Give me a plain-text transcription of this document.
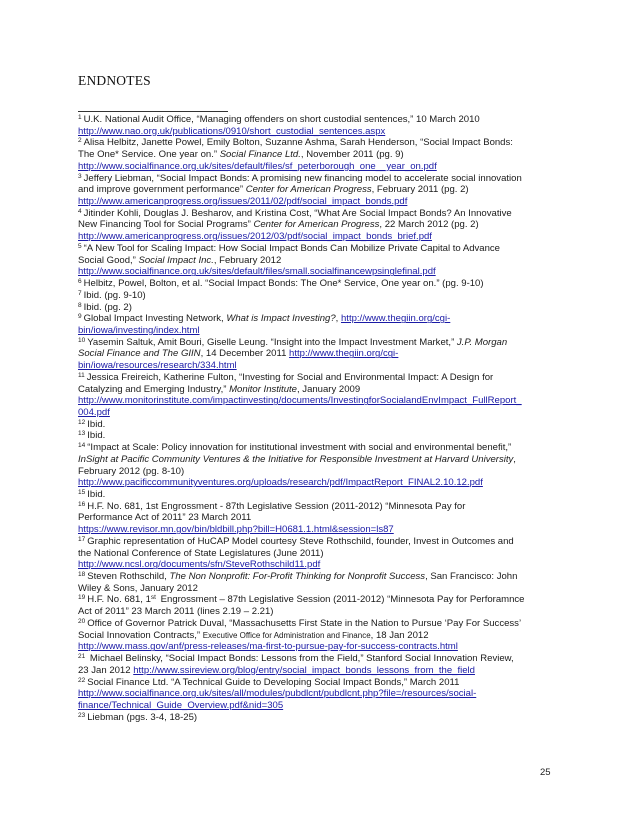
ENDNOTES

$^1$ U.K. National Audit Office, “Managing offenders on short custodial sentences,” 10 March 2010

http://www.nao.org.uk/publications/0910/short_custodial_sentences.aspx

$^2$ Alisa Helbitz, Janette Powel, Emily Bolton, Suzanne Ashma, Sarah Henderson, “Social Impact Bonds:

The One* Service. One year on.” Social Finance Ltd., November 2011 (pg. 9)

http://www.socialfinance.org.uk/sites/default/files/sf_peterborough_one__year_on.pdf

$^3$ Jeffery Liebman, “Social Impact Bonds: A promising new financing model to accelerate social innovation

and improve government performance” Center for American Progress, February 2011 (pg. 2)

http://www.americanprogress.org/issues/2011/02/pdf/social_impact_bonds.pdf

$^4$ Jitinder Kohli, Douglas J. Besharov, and Kristina Cost, “What Are Social Impact Bonds? An Innovative

New Financing Tool for Social Programs” Center for American Progress, 22 March 2012 (pg. 2)

http://www.americanprogress.org/issues/2012/03/pdf/social_impact_bonds_brief.pdf

$^5$ “A New Tool for Scaling Impact: How Social Impact Bonds Can Mobilize Private Capital to Advance

Social Good,” Social Impact Inc., February 2012

http://www.socialfinance.org.uk/sites/default/files/small.socialfinancewpsinglefinal.pdf

$^6$ Helbitz, Powel, Bolton, et al. “Social Impact Bonds: The One* Service, One year on.” (pg. 9-10)

$^7$ Ibid. (pg. 9-10)

$^8$ Ibid. (pg. 2)

$^9$ Global Impact Investing Network, What is Impact Investing?, http://www.thegiin.org/cgi-

bin/iowa/investing/index.html

$^{10}$ Yasemin Saltuk, Amit Bouri, Giselle Leung. “Insight into the Impact Investment Market,” J.P. Morgan

Social Finance and The GIIN, 14 December 2011 http://www.thegiin.org/cgi-

bin/iowa/resources/research/334.html

$^{11}$ Jessica Freireich, Katherine Fulton, “Investing for Social and Environmental Impact: A Design for

Catalyzing and Emerging Industry,” Monitor Institute, January 2009

http://www.monitorinstitute.com/impactinvesting/documents/InvestingforSocialandEnvImpact_FullReport_

004.pdf

$^{12}$ Ibid.

$^{13}$ Ibid.

$^{14}$ “Impact at Scale: Policy innovation for institutional investment with social and environmental benefit,”

InSight at Pacific Community Ventures & the Initiative for Responsible Investment at Harvard University,

February 2012 (pg. 8-10)

http://www.pacificcommunityventures.org/uploads/research/pdf/ImpactReport_FINAL2.10.12.pdf

$^{15}$ Ibid.

$^{16}$ H.F. No. 681, 1st Engrossment - 87th Legislative Session (2011-2012) “Minnesota Pay for

Performance Act of 2011” 23 March 2011

https://www.revisor.mn.gov/bin/bldbill.php?bill=H0681.1.html&session=ls87

$^{17}$ Graphic representation of HuCAP Model courtesy Steve Rothschild, founder, Invest in Outcomes and

the National Conference of State Legislatures (June 2011)

http://www.ncsl.org/documents/sfn/SteveRothschild11.pdf

$^{18}$ Steven Rothschild, The Non Nonprofit: For-Profit Thinking for Nonprofit Success, San Francisco: John

Wiley & Sons, January 2012

$^{19}$ H.F. No. 681, 1st Engrossment – 87th Legislative Session (2011-2012) “Minnesota Pay for Perforamnce

Act of 2011” 23 March 2011 (lines 2.19 – 2.21)

$^{20}$ Office of Governor Patrick Duval, “Massachusetts First State in the Nation to Pursue ‘Pay For Success’

Social Innovation Contracts,” Executive Office for Administration and Finance, 18 Jan 2012

http://www.mass.gov/anf/press-releases/ma-first-to-pursue-pay-for-success-contracts.html

$^{21}$ Michael Belinsky, “Social Impact Bonds: Lessons from the Field,” Stanford Social Innovation Review,

23 Jan 2012 http://www.ssireview.org/blog/entry/social_impact_bonds_lessons_from_the_field

$^{22}$ Social Finance Ltd. “A Technical Guide to Developing Social Impact Bonds,” March 2011

http://www.socialfinance.org.uk/sites/all/modules/pubdlcnt/pubdlcnt.php?file=/resources/social-

finance/Technical_Guide_Overview.pdf&nid=305

$^{23}$ Liebman (pgs. 3-4, 18-25)

25
